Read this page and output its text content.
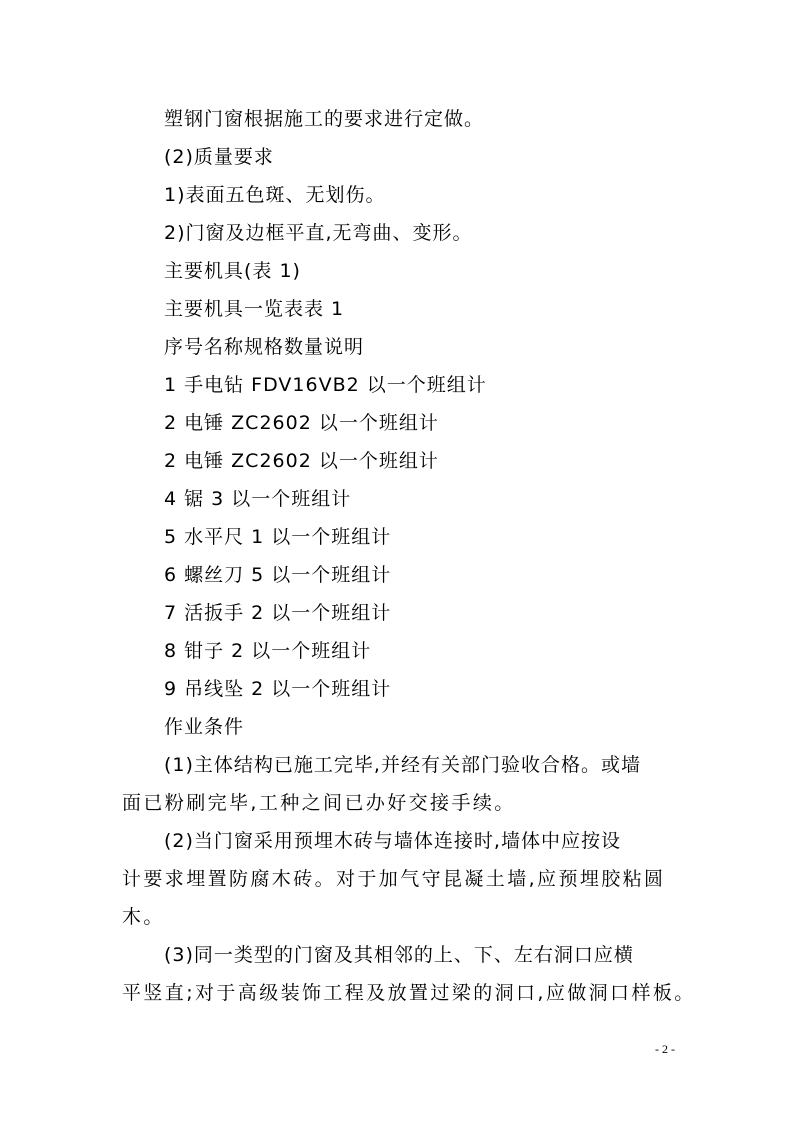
塑钢门窗根据施工的要求进行定做。
(2)质量要求
1)表面五色斑、无划伤。
2)门窗及边框平直,无弯曲、变形。
主要机具(表 1)
主要机具一览表表 1
序号名称规格数量说明
1 手电钻 FDV16VB2 以一个班组计
2 电锤 ZC2602 以一个班组计
2 电锤 ZC2602 以一个班组计
4 锯 3 以一个班组计
5 水平尺 1 以一个班组计
6 螺丝刀 5 以一个班组计
7 活扳手 2 以一个班组计
8 钳子 2 以一个班组计
9 吊线坠 2 以一个班组计
作业条件
(1)主体结构已施工完毕,并经有关部门验收合格。或墙
面已粉刷完毕,工种之间已办好交接手续。
(2)当门窗采用预埋木砖与墙体连接时,墙体中应按设
计要求埋置防腐木砖。对于加气守昆凝土墙,应预埋胶粘圆
木。
(3)同一类型的门窗及其相邻的上、下、左右洞口应横
平竖直;对于高级装饰工程及放置过梁的洞口,应做洞口样板。
- 2 -
